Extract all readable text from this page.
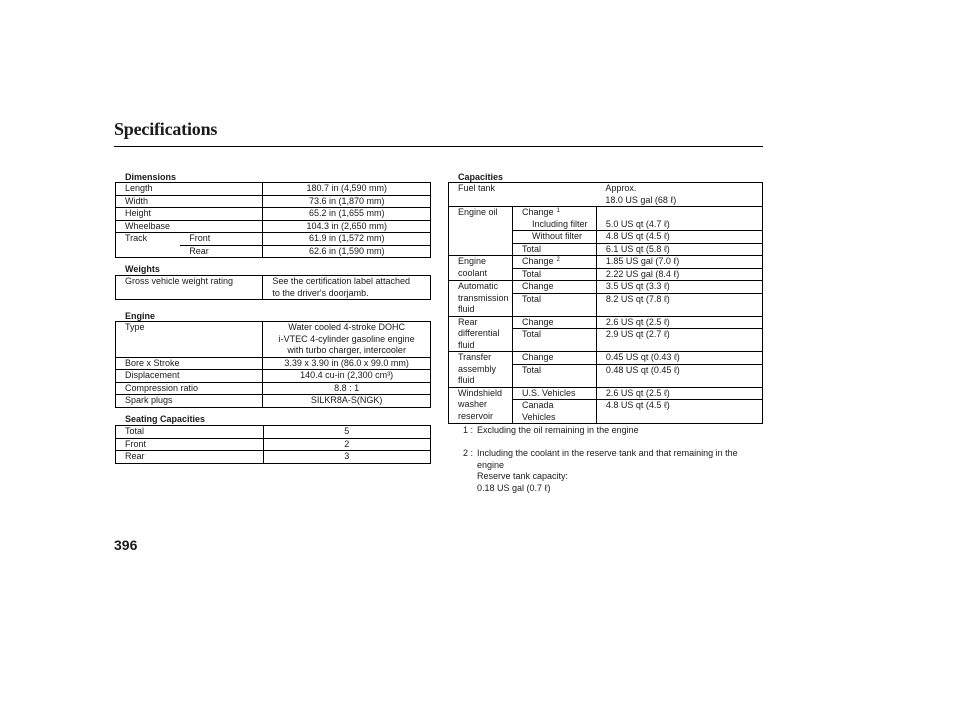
Specifications
Dimensions
Length		180.7 in (4,590 mm)
Width		73.6 in (1,870 mm)
Height		65.2 in (1,655 mm)
Wheelbase		104.3 in (2,650 mm)
Track	Front	61.9 in (1,572 mm)
	Rear	62.6 in (1,590 mm)
Weights
Gross vehicle weight rating	See the certification label attached
to the driver's doorjamb.
Engine
Type	Water cooled 4-stroke DOHC
i-VTEC 4-cylinder gasoline engine
with turbo charger, intercooler

Bore x Stroke	3.39 x 3.90 in (86.0 x 99.0 mm)
Displacement	140.4 cu-in (2,300 cm³)
Compression ratio	8.8 : 1
Spark plugs	SILKR8A-S(NGK)
Seating Capacities
Total	5
Front	2
Rear	3
Capacities
Fuel tank		Approx.
18.0 US gal (68 ℓ)

Engine oil	Change $^1$	
	Including filter	5.0 US qt (4.7 ℓ)
	Without filter	4.8 US qt (4.5 ℓ)
	Total	6.1 US qt (5.8 ℓ)

Engine
coolant	Change $^2$	1.85 US gal (7.0 ℓ)
	Total	2.22 US gal (8.4 ℓ)

Automatic
transmission
fluid	Change	3.5 US qt (3.3 ℓ)
	Total	8.2 US qt (7.8 ℓ)

Rear
differential
fluid	Change	2.6 US qt (2.5 ℓ)
	Total	2.9 US qt (2.7 ℓ)

Transfer
assembly
fluid	Change	0.45 US qt (0.43 ℓ)
	Total	0.48 US qt (0.45 ℓ)

Windshield
washer
reservoir	U.S. Vehicles	2.6 US qt (2.5 ℓ)

	Canada
Vehicles	4.8 US qt (4.5 ℓ)
1 : Excluding the oil remaining in the engine
2 : Including the coolant in the reserve tank and that remaining in the
engine
Reserve tank capacity:
0.18 US gal (0.7 ℓ)
396
